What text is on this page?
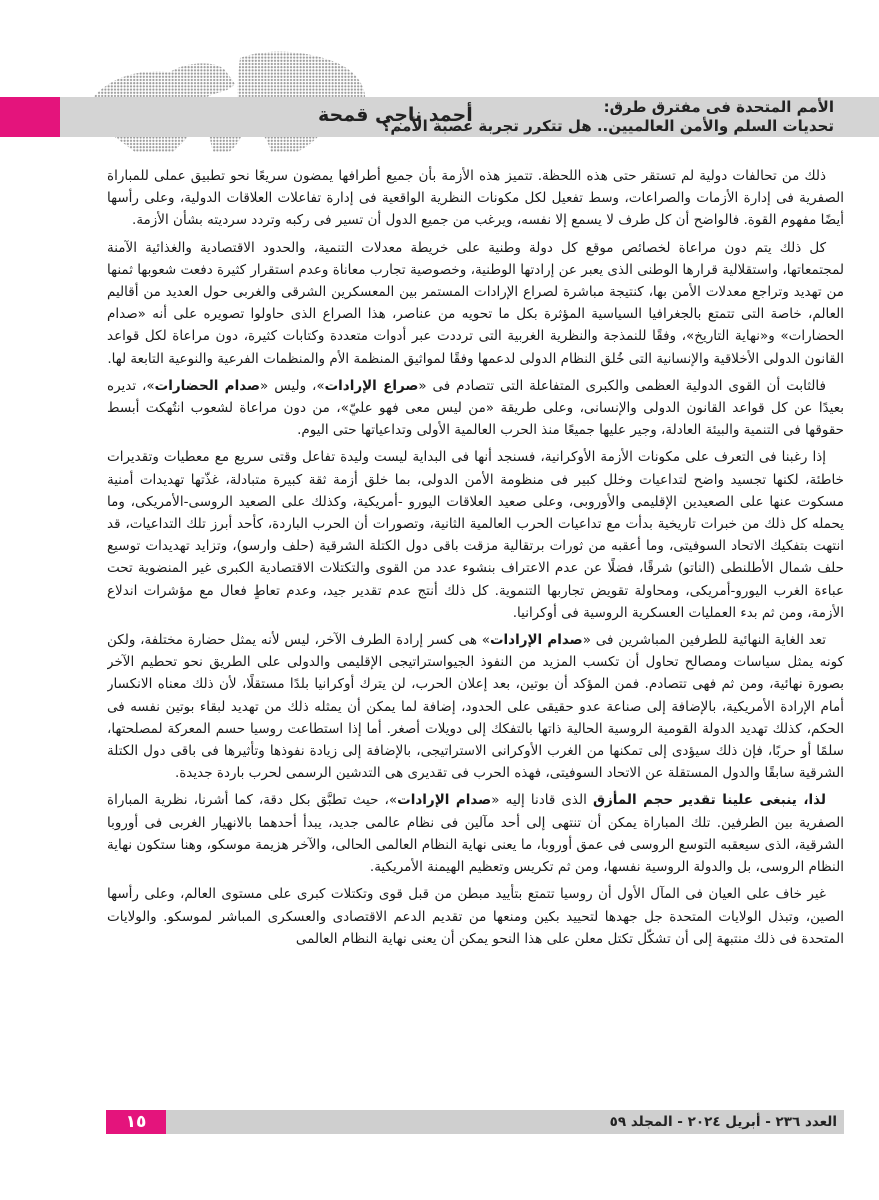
الأمم المتحدة فى مفترق طرق:
تحديات السلم والأمن العالميين.. هل تتكرر تجربة عصبة الأمم؟
أحمد ناجى قمحة

ذلك من تحالفات دولية لم تستقر حتى هذه اللحظة. تتميز هذه الأزمة بأن جميع أطرافها يمضون سريعًا نحو تطبيق عملى للمباراة الصفرية فى إدارة الأزمات والصراعات، وسط تفعيل لكل مكونات النظرية الواقعية فى إدارة تفاعلات العلاقات الدولية، وعلى رأسها أيضًا مفهوم القوة. فالواضح أن كل طرف لا يسمع إلا نفسه، ويرغب من جميع الدول أن تسير فى ركبه وتردد سرديته بشأن الأزمة.

كل ذلك يتم دون مراعاة لخصائص موقع كل دولة وطنية على خريطة معدلات التنمية، والحدود الاقتصادية والغذائية الآمنة لمجتمعاتها، واستقلالية قرارها الوطنى الذى يعبر عن إرادتها الوطنية، وخصوصية تجارب معاناة وعدم استقرار كثيرة دفعت شعوبها ثمنها من تهديد وتراجع معدلات الأمن بها، كنتيجة مباشرة لصراع الإرادات المستمر بين المعسكرين الشرقى والغربى حول العديد من أقاليم العالم، خاصة التى تتمتع بالجغرافيا السياسية المؤثرة بكل ما تحويه من عناصر، هذا الصراع الذى حاولوا تصويره على أنه «صدام الحضارات» و«نهاية التاريخ»، وفقًا للنمذجة والنظرية الغربية التى ترددت عبر أدوات متعددة وكتابات كثيرة، دون مراعاة لكل قواعد القانون الدولى الأخلاقية والإنسانية التى خُلق النظام الدولى لدعمها وفقًا لمواثيق المنظمة الأم والمنظمات الفرعية والنوعية التابعة لها.

فالثابت أن القوى الدولية العظمى والكبرى المتفاعلة التى تتصادم فى «صراع الإرادات»، وليس «صدام الحضارات»، تديره بعيدًا عن كل قواعد القانون الدولى والإنسانى، وعلى طريقة «من ليس معى فهو عليّ»، من دون مراعاة لشعوب انتُهكت أبسط حقوقها فى التنمية والبيئة العادلة، وجير عليها جميعًا منذ الحرب العالمية الأولى وتداعياتها حتى اليوم.

إذا رغبنا فى التعرف على مكونات الأزمة الأوكرانية، فسنجد أنها فى البداية ليست وليدة تفاعل وقتى سريع مع معطيات وتقديرات خاطئة، لكنها تجسيد واضح لتداعيات وخلل كبير فى منظومة الأمن الدولى، بما خلق أزمة ثقة كبيرة متبادلة، غذّتها تهديدات أمنية مسكوت عنها على الصعيدين الإقليمى والأوروبى، وعلى صعيد العلاقات اليورو -أمريكية، وكذلك على الصعيد الروسى-الأمريكى، وما يحمله كل ذلك من خبرات تاريخية بدأت مع تداعيات الحرب العالمية الثانية، وتصورات أن الحرب الباردة، كأحد أبرز تلك التداعيات، قد انتهت بتفكيك الاتحاد السوفيتى، وما أعقبه من ثورات برتقالية مزقت باقى دول الكتلة الشرقية (حلف وارسو)، وتزايد تهديدات توسيع حلف شمال الأطلنطى (الناتو) شرقًا، فضلًا عن عدم الاعتراف بنشوء عدد من القوى والتكتلات الاقتصادية الكبرى غير المنضوية تحت عباءة الغرب اليورو-أمريكى، ومحاولة تقويض تجاربها التنموية. كل ذلك أنتج عدم تقدير جيد، وعدم تعاطٍ فعال مع مؤشرات اندلاع الأزمة، ومن ثم بدء العمليات العسكرية الروسية فى أوكرانيا.

تعد الغاية النهائية للطرفين المباشرين فى «صدام الإرادات» هى كسر إرادة الطرف الآخر، ليس لأنه يمثل حضارة مختلفة، ولكن كونه يمثل سياسات ومصالح تحاول أن تكسب المزيد من النفوذ الجيواستراتيجى الإقليمى والدولى على الطريق نحو تحطيم الآخر بصورة نهائية، ومن ثم فهى تتصادم. فمن المؤكد أن بوتين، بعد إعلان الحرب، لن يترك أوكرانيا بلدًا مستقلًا، لأن ذلك معناه الانكسار أمام الإرادة الأمريكية، بالإضافة إلى صناعة عدو حقيقى على الحدود، إضافة لما يمكن أن يمثله ذلك من تهديد لبقاء بوتين نفسه فى الحكم، كذلك تهديد الدولة القومية الروسية الحالية ذاتها بالتفكك إلى دويلات أصغر. أما إذا استطاعت روسيا حسم المعركة لمصلحتها، سلمًا أو حربًا، فإن ذلك سيؤدى إلى تمكنها من الغرب الأوكرانى الاستراتيجى، بالإضافة إلى زيادة نفوذها وتأثيرها فى باقى دول الكتلة الشرقية سابقًا والدول المستقلة عن الاتحاد السوفيتى، فهذه الحرب فى تقديرى هى التدشين الرسمى لحرب باردة جديدة.

لذا، ينبغى علينا تقدير حجم المأزق الذى قادنا إليه «صدام الإرادات»، حيث تطبَّق بكل دقة، كما أشرنا، نظرية المباراة الصفرية بين الطرفين. تلك المباراة يمكن أن تنتهى إلى أحد مآلين فى نظام عالمى جديد، يبدأ أحدهما بالانهيار الغربى فى أوروبا الشرقية، الذى سيعقبه التوسع الروسى فى عمق أوروبا، ما يعنى نهاية النظام العالمى الحالى، والآخر هزيمة موسكو، وهنا ستكون نهاية النظام الروسى، بل والدولة الروسية نفسها، ومن ثم تكريس وتعظيم الهيمنة الأمريكية.

غير خاف على العيان فى المآل الأول أن روسيا تتمتع بتأييد مبطن من قبل قوى وتكتلات كبرى على مستوى العالم، وعلى رأسها الصين، وتبذل الولايات المتحدة جل جهدها لتحييد بكين ومنعها من تقديم الدعم الاقتصادى والعسكرى المباشر لموسكو. والولايات المتحدة فى ذلك منتبهة إلى أن تشكّل تكتل معلن على هذا النحو يمكن أن يعنى نهاية النظام العالمى

١٥	العدد ٢٣٦ - أبريل ٢٠٢٤ - المجلد ٥٩
